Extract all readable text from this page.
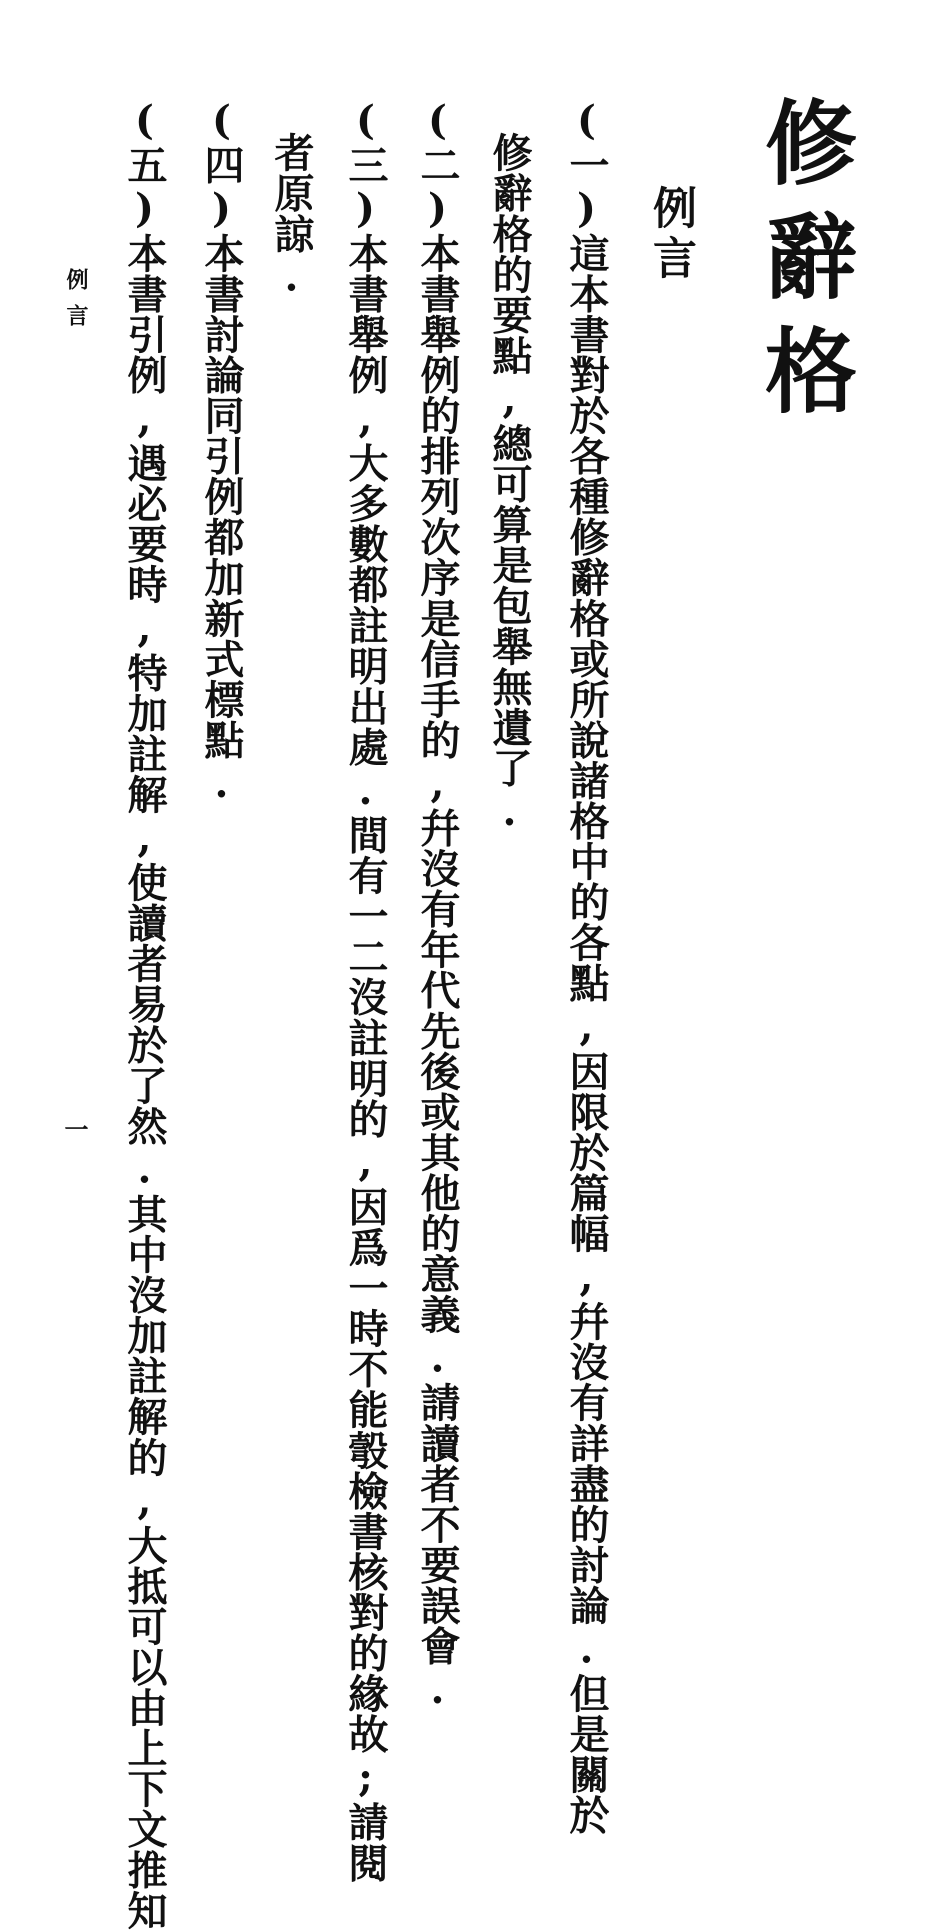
修辭格
例言
(一)這本書對於各種修辭格或所說諸格中的各點,因限於篇幅,幷沒有詳盡的討論.但是關於
修辭格的要點,總可算是包舉無遺了.
(二)本書舉例的排列次序是信手的,幷沒有年代先後或其他的意義.請讀者不要誤會.
(三)本書舉例,大多數都註明出處.間有一二沒註明的,因爲一時不能彀檢書核對的緣故;請閱
者原諒.
(四)本書討論同引例都加新式標點.
(五)本書引例,遇必要時,特加註解,使讀者易於了然.其中沒加註解的,大抵可以由上下文推知
例言
一
